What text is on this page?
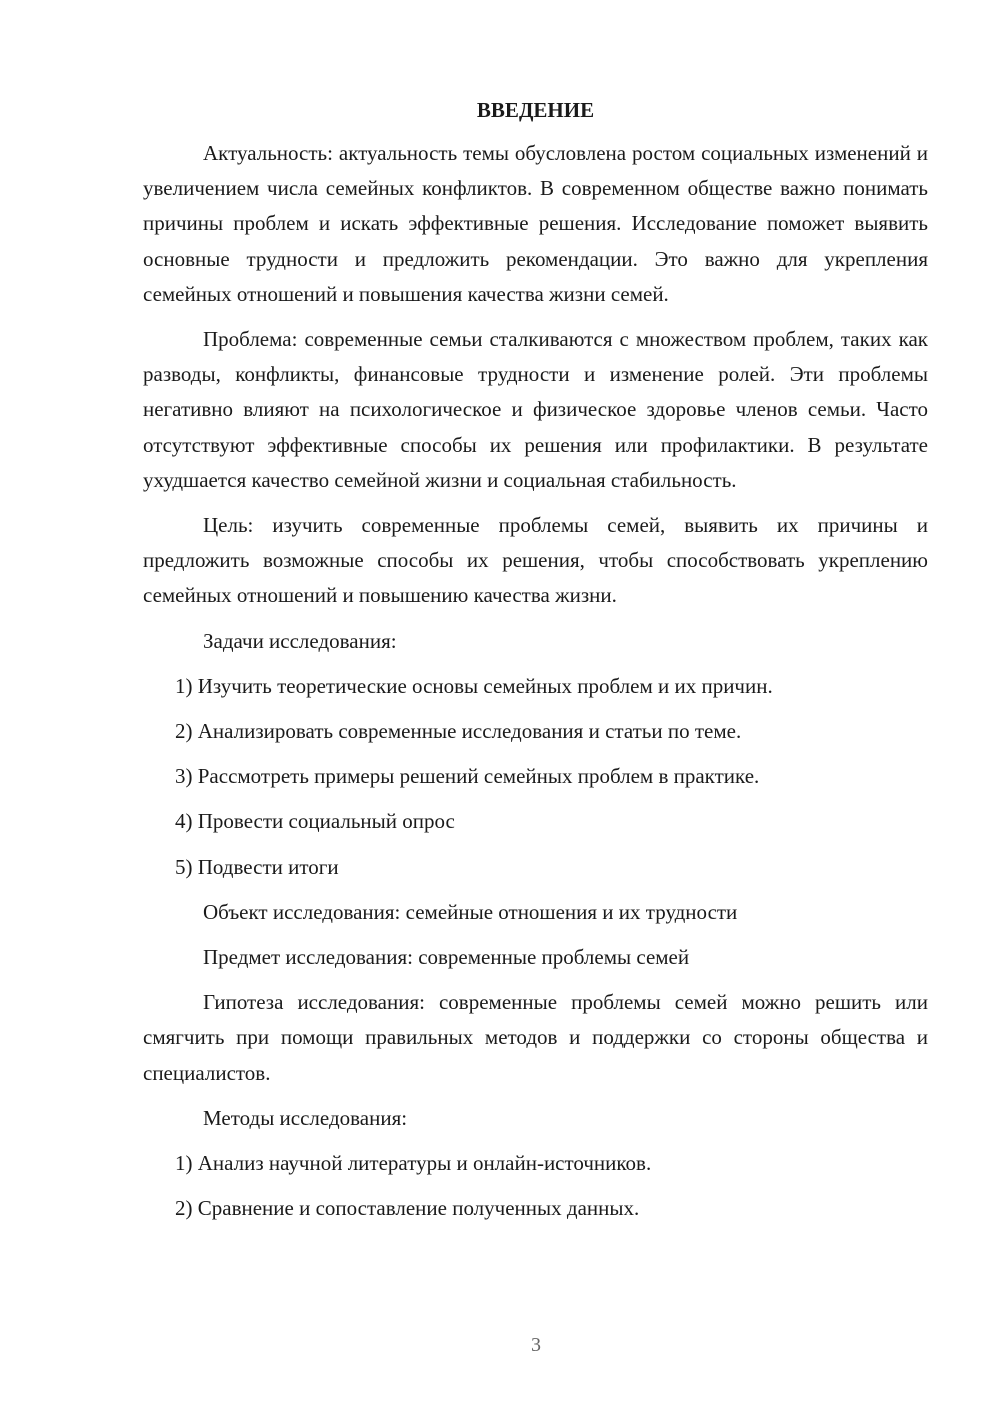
ВВЕДЕНИЕ

Актуальность: актуальность темы обусловлена ростом социальных изменений и увеличением числа семейных конфликтов. В современном обществе важно понимать причины проблем и искать эффективные решения. Исследование поможет выявить основные трудности и предложить рекомендации. Это важно для укрепления семейных отношений и повышения качества жизни семей.

Проблема: современные семьи сталкиваются с множеством проблем, таких как разводы, конфликты, финансовые трудности и изменение ролей. Эти проблемы негативно влияют на психологическое и физическое здоровье членов семьи. Часто отсутствуют эффективные способы их решения или профилактики. В результате ухудшается качество семейной жизни и социальная стабильность.

Цель: изучить современные проблемы семей, выявить их причины и предложить возможные способы их решения, чтобы способствовать укреплению семейных отношений и повышению качества жизни.

Задачи исследования:
1) Изучить теоретические основы семейных проблем и их причин.
2) Анализировать современные исследования и статьи по теме.
3) Рассмотреть примеры решений семейных проблем в практике.
4) Провести социальный опрос
5) Подвести итоги
Объект исследования: семейные отношения и их трудности
Предмет исследования: современные проблемы семей

Гипотеза исследования: современные проблемы семей можно решить или смягчить при помощи правильных методов и поддержки со стороны общества и специалистов.

Методы исследования:
1) Анализ научной литературы и онлайн-источников.
2) Сравнение и сопоставление полученных данных.
3
